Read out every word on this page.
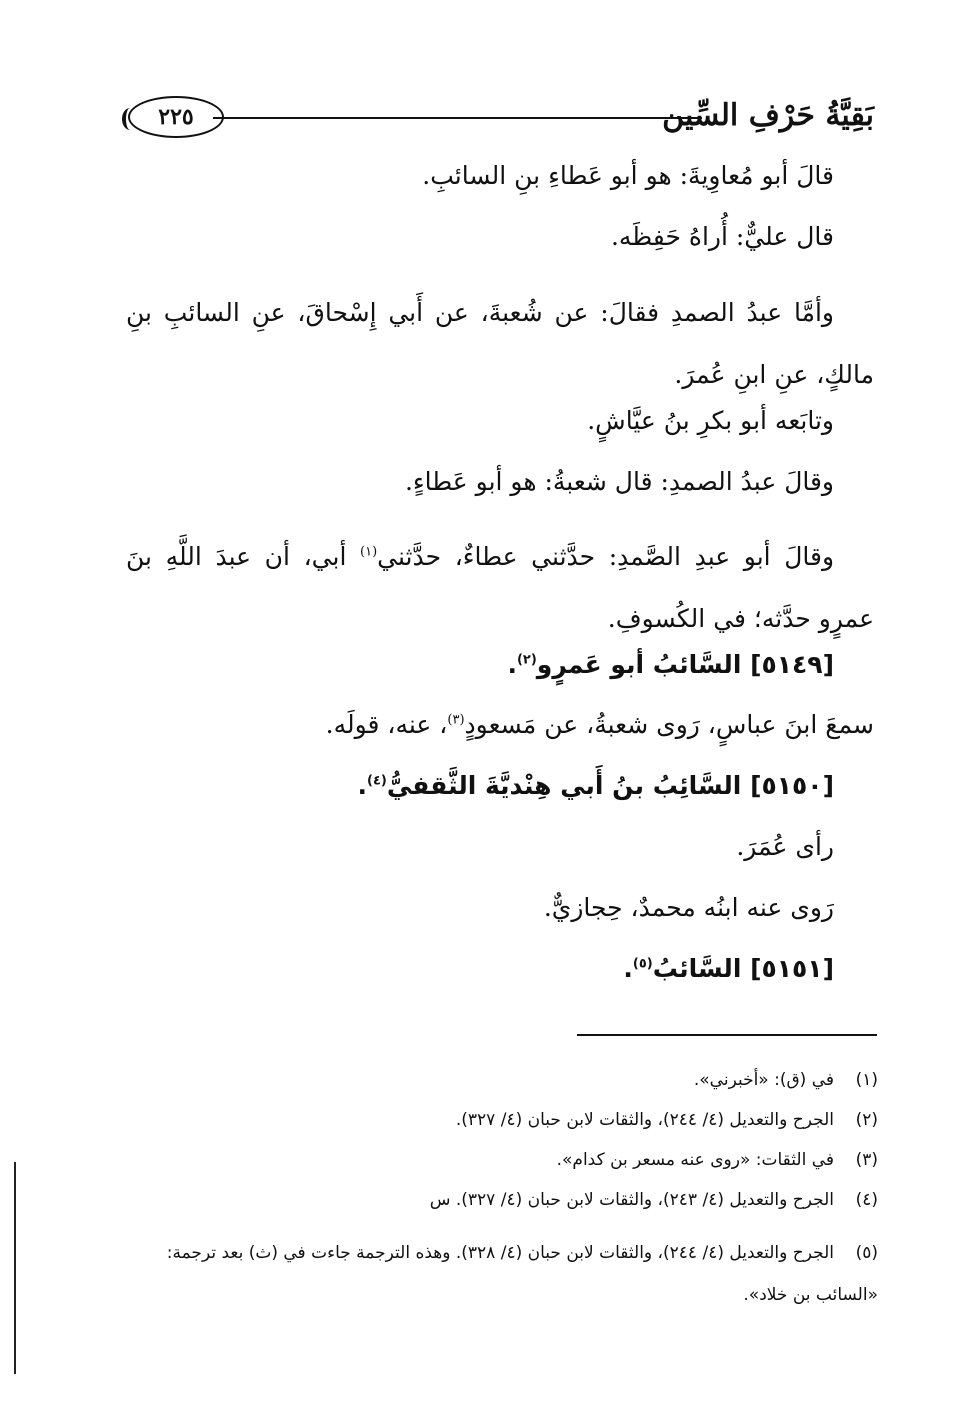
بَقِيَّةُ حَرْفِ السِّين
٢٢٥
قالَ أبو مُعاوِيةَ: هو أبو عَطاءِ بنِ السائبِ.
قال عليٌّ: أُراهُ حَفِظَه.
وأمَّا عبدُ الصمدِ فقالَ: عن شُعبةَ، عن أَبي إِسْحاقَ، عنِ السائبِ بنِ مالكٍ، عنِ ابنِ عُمرَ.
وتابَعه أبو بكرِ بنُ عيَّاشٍ.
وقالَ عبدُ الصمدِ: قال شعبةُ: هو أبو عَطاءٍ.
وقالَ أبو عبدِ الصَّمدِ: حدَّثني عطاءٌ، حدَّثني$^{(١)}$ أبي، أن عبدَ اللَّهِ بنَ عمرٍو حدَّثه؛ في الكُسوفِ.
[٥١٤٩] السَّائبُ أبو عَمرٍو$^{(٢)}$.
سمعَ ابنَ عباسٍ، رَوى شعبةُ، عن مَسعودٍ$^{(٣)}$، عنه، قولَه.
[٥١٥٠] السَّائِبُ بنُ أَبي هِنْديَّةَ الثَّقفيُّ$^{(٤)}$.
رأى عُمَرَ.
رَوى عنه ابنُه محمدٌ، حِجازيٌّ.
[٥١٥١] السَّائبُ$^{(٥)}$.
(١)في (ق): «أخبرني».
(٢)الجرح والتعديل (٤/ ٢٤٤)، والثقات لابن حبان (٤/ ٣٢٧).
(٣)في الثقات: «روى عنه مسعر بن كدام».
(٤)الجرح والتعديل (٤/ ٢٤٣)، والثقات لابن حبان (٤/ ٣٢٧). س
(٥)الجرح والتعديل (٤/ ٢٤٤)، والثقات لابن حبان (٤/ ٣٢٨). وهذه الترجمة جاءت في (ث) بعد ترجمة: «السائب بن خلاد».
